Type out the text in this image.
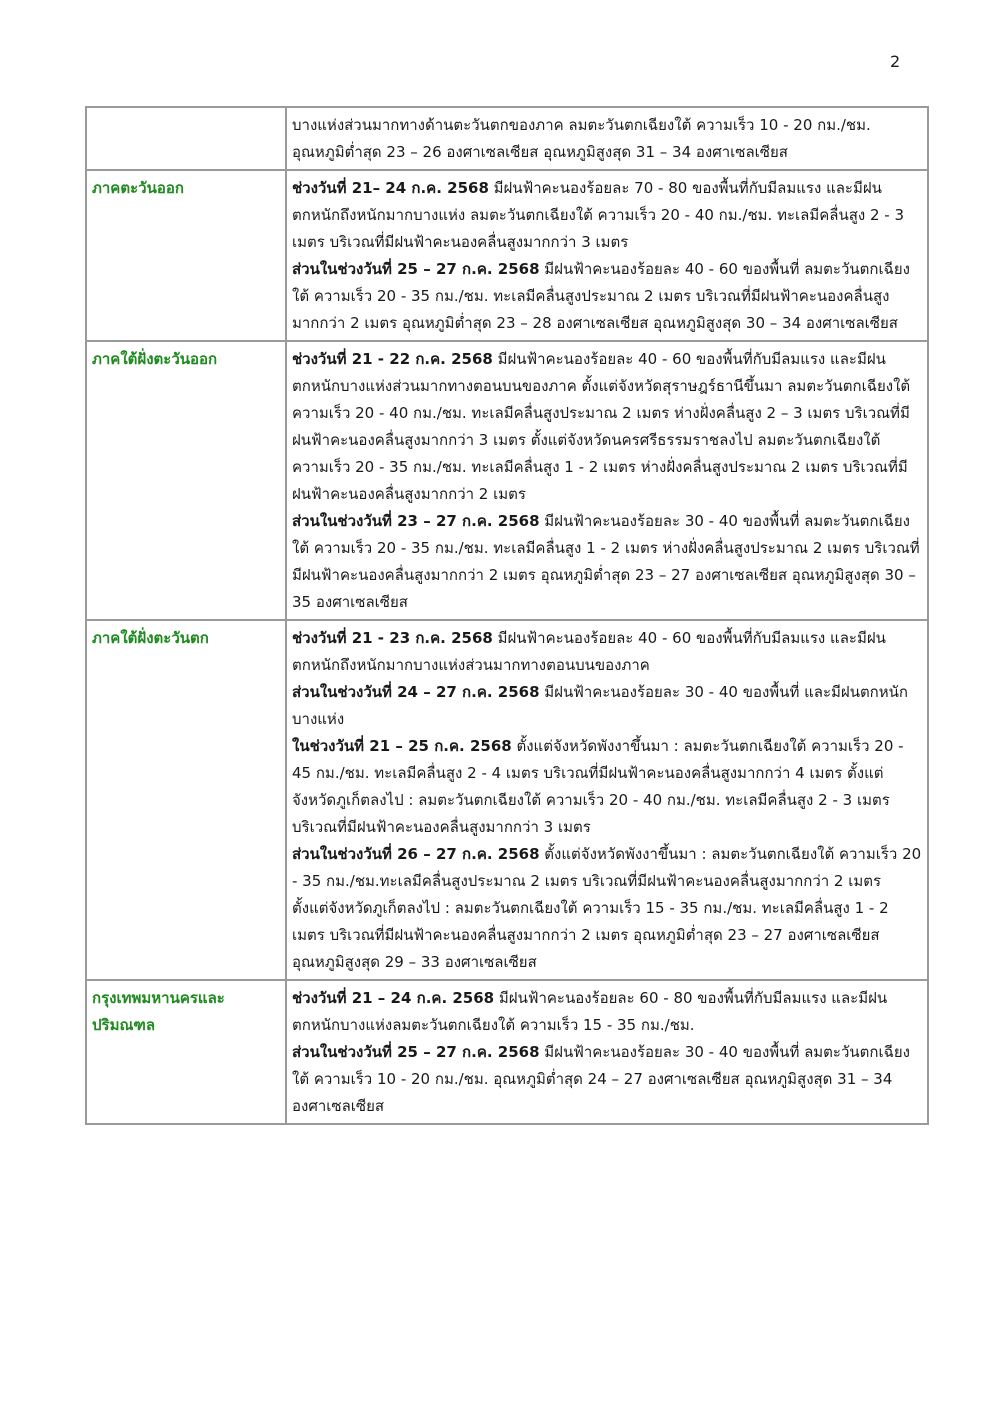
2

	บางแห่งส่วนมากทางด้านตะวันตกของภาค ลมตะวันตกเฉียงใต้ ความเร็ว 10 - 20 กม./ชม. อุณหภูมิต่ำสุด 23 – 26 องศาเซลเซียส อุณหภูมิสูงสุด 31 – 34 องศาเซลเซียส

ภาคตะวันออก	ช่วงวันที่ 21– 24 ก.ค. 2568 มีฝนฟ้าคะนองร้อยละ 70 - 80 ของพื้นที่กับมีลมแรง และมีฝนตกหนักถึงหนักมากบางแห่ง ลมตะวันตกเฉียงใต้ ความเร็ว 20 - 40 กม./ชม. ทะเลมีคลื่นสูง 2 - 3 เมตร บริเวณที่มีฝนฟ้าคะนองคลื่นสูงมากกว่า 3 เมตร
ส่วนในช่วงวันที่ 25 – 27 ก.ค. 2568 มีฝนฟ้าคะนองร้อยละ 40 - 60 ของพื้นที่ ลมตะวันตกเฉียงใต้ ความเร็ว 20 - 35 กม./ชม. ทะเลมีคลื่นสูงประมาณ 2 เมตร บริเวณที่มีฝนฟ้าคะนองคลื่นสูงมากกว่า 2 เมตร อุณหภูมิต่ำสุด 23 – 28 องศาเซลเซียส อุณหภูมิสูงสุด 30 – 34 องศาเซลเซียส

ภาคใต้ฝั่งตะวันออก	ช่วงวันที่ 21 - 22 ก.ค. 2568 มีฝนฟ้าคะนองร้อยละ 40 - 60 ของพื้นที่กับมีลมแรง และมีฝนตกหนักบางแห่งส่วนมากทางตอนบนของภาค ตั้งแต่จังหวัดสุราษฎร์ธานีขึ้นมา ลมตะวันตกเฉียงใต้ ความเร็ว 20 - 40 กม./ชม. ทะเลมีคลื่นสูงประมาณ 2 เมตร ห่างฝั่งคลื่นสูง 2 – 3 เมตร บริเวณที่มีฝนฟ้าคะนองคลื่นสูงมากกว่า 3 เมตร ตั้งแต่จังหวัดนครศรีธรรมราชลงไป ลมตะวันตกเฉียงใต้ ความเร็ว 20 - 35 กม./ชม. ทะเลมีคลื่นสูง 1 - 2 เมตร ห่างฝั่งคลื่นสูงประมาณ 2 เมตร บริเวณที่มีฝนฟ้าคะนองคลื่นสูงมากกว่า 2 เมตร
ส่วนในช่วงวันที่ 23 – 27 ก.ค. 2568 มีฝนฟ้าคะนองร้อยละ 30 - 40 ของพื้นที่ ลมตะวันตกเฉียงใต้ ความเร็ว 20 - 35 กม./ชม. ทะเลมีคลื่นสูง 1 - 2 เมตร ห่างฝั่งคลื่นสูงประมาณ 2 เมตร บริเวณที่มีฝนฟ้าคะนองคลื่นสูงมากกว่า 2 เมตร อุณหภูมิต่ำสุด 23 – 27 องศาเซลเซียส อุณหภูมิสูงสุด 30 – 35 องศาเซลเซียส

ภาคใต้ฝั่งตะวันตก	ช่วงวันที่ 21 - 23 ก.ค. 2568 มีฝนฟ้าคะนองร้อยละ 40 - 60 ของพื้นที่กับมีลมแรง และมีฝนตกหนักถึงหนักมากบางแห่งส่วนมากทางตอนบนของภาค
ส่วนในช่วงวันที่ 24 – 27 ก.ค. 2568 มีฝนฟ้าคะนองร้อยละ 30 - 40 ของพื้นที่ และมีฝนตกหนักบางแห่ง
ในช่วงวันที่ 21 – 25 ก.ค. 2568 ตั้งแต่จังหวัดพังงาขึ้นมา : ลมตะวันตกเฉียงใต้ ความเร็ว 20 - 45 กม./ชม. ทะเลมีคลื่นสูง 2 - 4 เมตร บริเวณที่มีฝนฟ้าคะนองคลื่นสูงมากกว่า 4 เมตร ตั้งแต่จังหวัดภูเก็ตลงไป : ลมตะวันตกเฉียงใต้ ความเร็ว 20 - 40 กม./ชม. ทะเลมีคลื่นสูง 2 - 3 เมตร บริเวณที่มีฝนฟ้าคะนองคลื่นสูงมากกว่า 3 เมตร
ส่วนในช่วงวันที่ 26 – 27 ก.ค. 2568 ตั้งแต่จังหวัดพังงาขึ้นมา : ลมตะวันตกเฉียงใต้ ความเร็ว 20 - 35 กม./ชม.ทะเลมีคลื่นสูงประมาณ 2 เมตร บริเวณที่มีฝนฟ้าคะนองคลื่นสูงมากกว่า 2 เมตร ตั้งแต่จังหวัดภูเก็ตลงไป : ลมตะวันตกเฉียงใต้ ความเร็ว 15 - 35 กม./ชม. ทะเลมีคลื่นสูง 1 - 2 เมตร บริเวณที่มีฝนฟ้าคะนองคลื่นสูงมากกว่า 2 เมตร อุณหภูมิต่ำสุด 23 – 27 องศาเซลเซียส อุณหภูมิสูงสุด 29 – 33 องศาเซลเซียส

กรุงเทพมหานครและปริมณฑล	ช่วงวันที่ 21 – 24 ก.ค. 2568 มีฝนฟ้าคะนองร้อยละ 60 - 80 ของพื้นที่กับมีลมแรง และมีฝนตกหนักบางแห่งลมตะวันตกเฉียงใต้ ความเร็ว 15 - 35 กม./ชม.
ส่วนในช่วงวันที่ 25 – 27 ก.ค. 2568 มีฝนฟ้าคะนองร้อยละ 30 - 40 ของพื้นที่ ลมตะวันตกเฉียงใต้ ความเร็ว 10 - 20 กม./ชม. อุณหภูมิต่ำสุด 24 – 27 องศาเซลเซียส อุณหภูมิสูงสุด 31 – 34 องศาเซลเซียส
